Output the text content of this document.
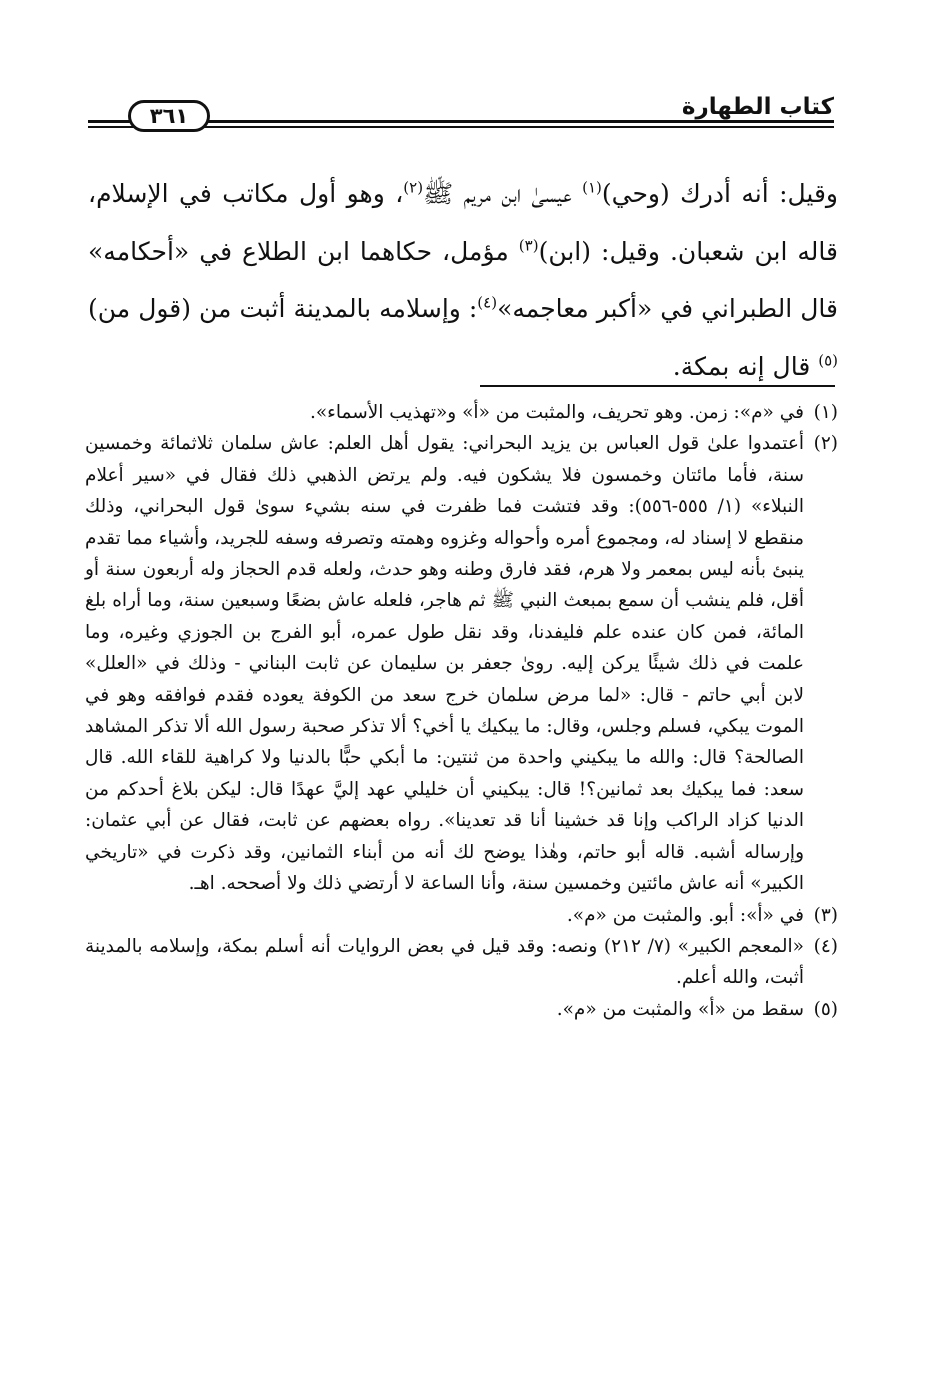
كتاب الطهارة
٣٦١

وقيل: أنه أدرك (وحي)$^{(١)}$ عيسىٰ ابن مريم ﷺ$^{(٢)}$، وهو أول مكاتب في الإسلام، قاله ابن شعبان. وقيل: (ابن)$^{(٣)}$ مؤمل، حكاهما ابن الطلاع في «أحكامه» قال الطبراني في «أكبر معاجمه»$^{(٤)}$: وإسلامه بالمدينة أثبت من (قول من)$^{(٥)}$ قال إنه بمكة.

(١)
في «م»: زمن. وهو تحريف، والمثبت من «أ» و«تهذيب الأسماء».
(٢)
أعتمدوا علىٰ قول العباس بن يزيد البحراني: يقول أهل العلم: عاش سلمان ثلاثمائة وخمسين سنة، فأما مائتان وخمسون فلا يشكون فيه. ولم يرتض الذهبي ذلك فقال في «سير أعلام النبلاء» (١/ ٥٥٥-٥٥٦): وقد فتشت فما ظفرت في سنه بشيء سوىٰ قول البحراني، وذلك منقطع لا إسناد له، ومجموع أمره وأحواله وغزوه وهمته وتصرفه وسفه للجريد، وأشياء مما تقدم ينبئ بأنه ليس بمعمر ولا هرم، فقد فارق وطنه وهو حدث، ولعله قدم الحجاز وله أربعون سنة أو أقل، فلم ينشب أن سمع بمبعث النبي ﷺ ثم هاجر، فلعله عاش بضعًا وسبعين سنة، وما أراه بلغ المائة، فمن كان عنده علم فليفدنا، وقد نقل طول عمره، أبو الفرج بن الجوزي وغيره، وما علمت في ذلك شيئًا يركن إليه. روىٰ جعفر بن سليمان عن ثابت البناني - وذلك في «العلل» لابن أبي حاتم - قال: «لما مرض سلمان خرج سعد من الكوفة يعوده فقدم فوافقه وهو في الموت يبكي، فسلم وجلس، وقال: ما يبكيك يا أخي؟ ألا تذكر صحبة رسول الله ألا تذكر المشاهد الصالحة؟ قال: والله ما يبكيني واحدة من ثنتين: ما أبكي حبًّا بالدنيا ولا كراهية للقاء الله. قال سعد: فما يبكيك بعد ثمانين؟! قال: يبكيني أن خليلي عهد إليَّ عهدًا قال: ليكن بلاغ أحدكم من الدنيا كزاد الراكب وإنا قد خشينا أنا قد تعدينا». رواه بعضهم عن ثابت، فقال عن أبي عثمان: وإرساله أشبه. قاله أبو حاتم، وهٰذا يوضح لك أنه من أبناء الثمانين، وقد ذكرت في «تاريخي الكبير» أنه عاش مائتين وخمسين سنة، وأنا الساعة لا أرتضي ذلك ولا أصححه. اهـ.
(٣)
في «أ»: أبو. والمثبت من «م».
(٤)
«المعجم الكبير» (٧/ ٢١٢) ونصه: وقد قيل في بعض الروايات أنه أسلم بمكة، وإسلامه بالمدينة أثبت، والله أعلم.
(٥)
سقط من «أ» والمثبت من «م».
